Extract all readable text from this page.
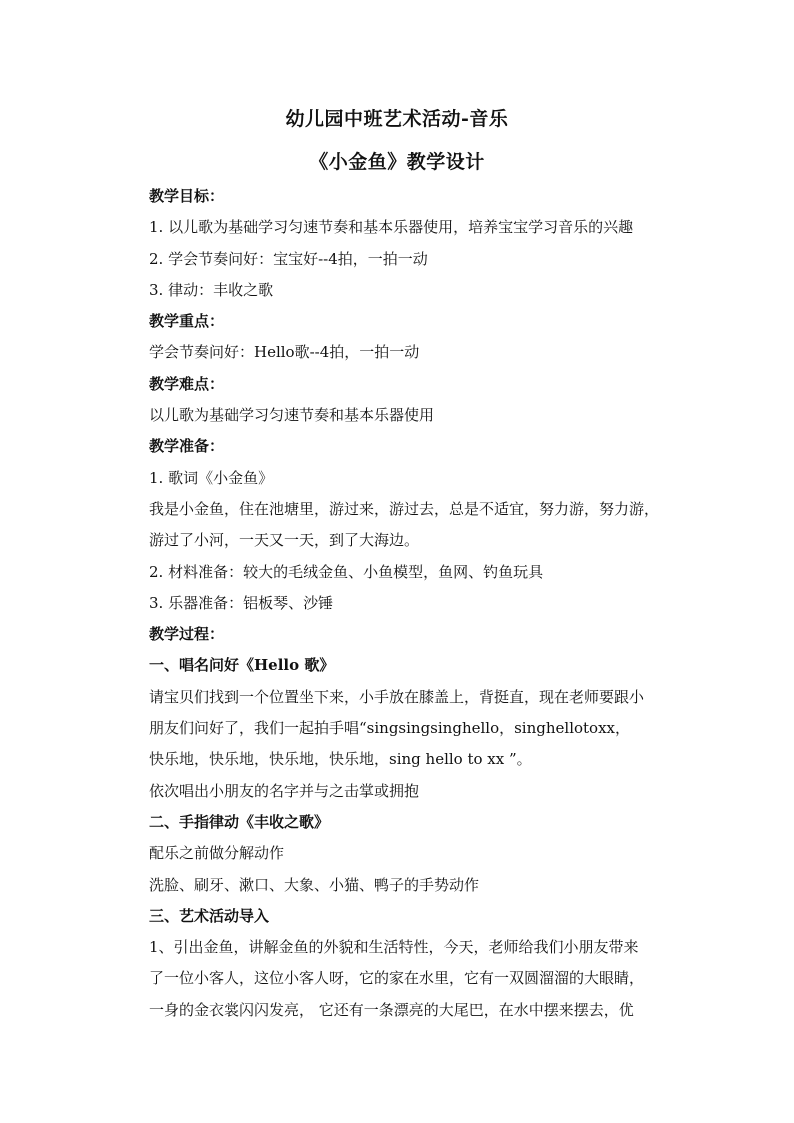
幼儿园中班艺术活动-音乐
《小金鱼》教学设计
教学目标：
1. 以儿歌为基础学习匀速节奏和基本乐器使用，培养宝宝学习音乐的兴趣
2. 学会节奏问好：宝宝好--4拍，一拍一动
3. 律动：丰收之歌
教学重点：
学会节奏问好：Hello歌--4拍，一拍一动
教学难点：
以儿歌为基础学习匀速节奏和基本乐器使用
教学准备：
1. 歌词《小金鱼》
我是小金鱼，住在池塘里，游过来，游过去，总是不适宜，努力游，努力游，
游过了小河，一天又一天，到了大海边。
2. 材料准备：较大的毛绒金鱼、小鱼模型，鱼网、钓鱼玩具
3. 乐器准备：铝板琴、沙锤
教学过程：
一、唱名问好《Hello 歌》
请宝贝们找到一个位置坐下来，小手放在膝盖上，背挺直，现在老师要跟小
朋友们问好了，我们一起拍手唱“singsingsinghello，singhellotoxx，
快乐地，快乐地，快乐地，快乐地，sing hello to xx ”。
依次唱出小朋友的名字并与之击掌或拥抱
二、手指律动《丰收之歌》
配乐之前做分解动作
洗脸、刷牙、漱口、大象、小猫、鸭子的手势动作
三、艺术活动导入
1、引出金鱼，讲解金鱼的外貌和生活特性，今天，老师给我们小朋友带来
了一位小客人，这位小客人呀，它的家在水里，它有一双圆溜溜的大眼睛，
一身的金衣裳闪闪发亮， 它还有一条漂亮的大尾巴，在水中摆来摆去，优
